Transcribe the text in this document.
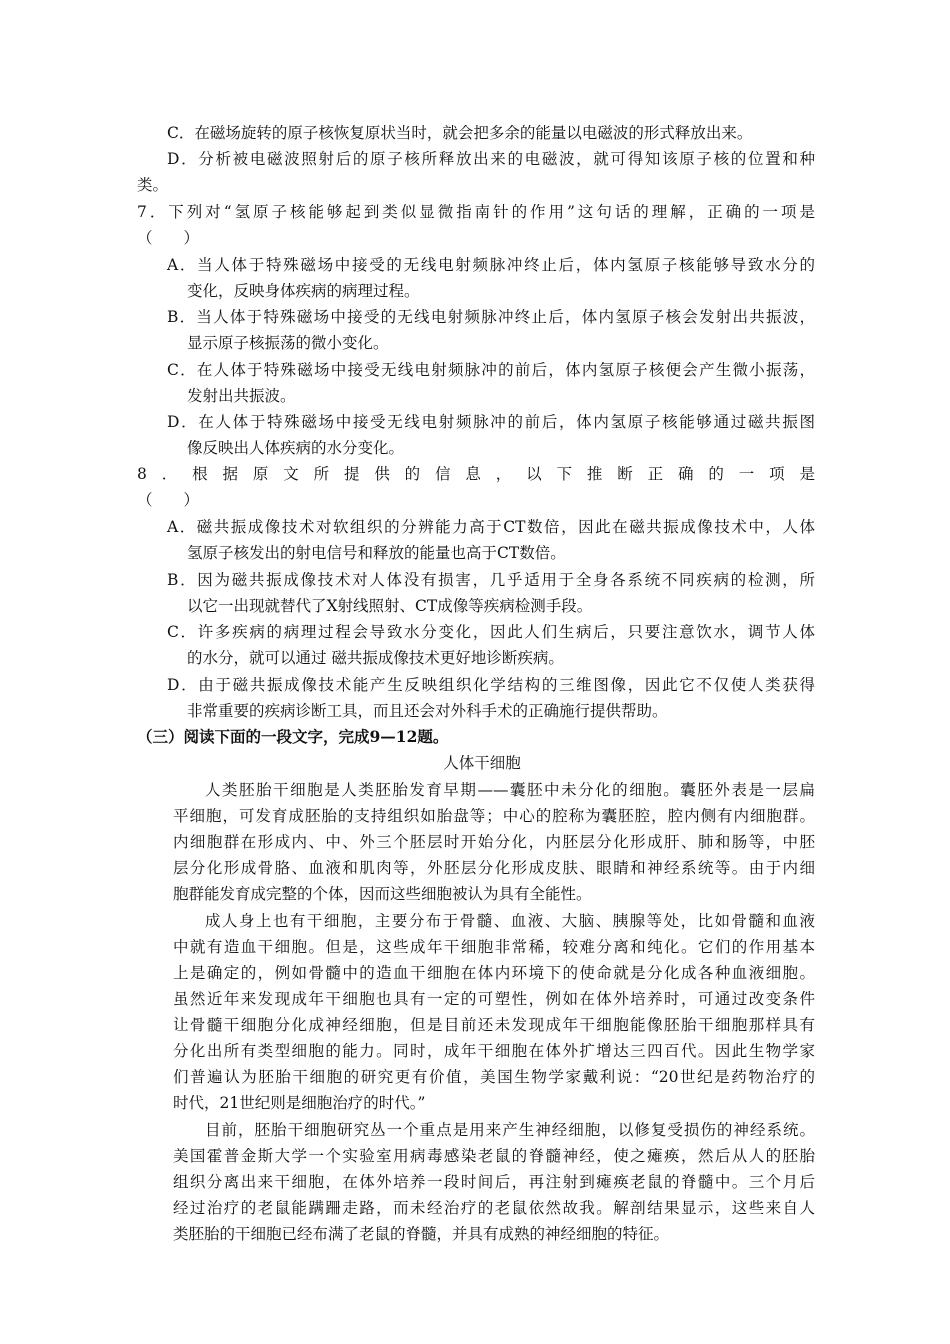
C．在磁场旋转的原子核恢复原状当时，就会把多余的能量以电磁波的形式释放出来。
D．分析被电磁波照射后的原子核所释放出来的电磁波，就可得知该原子核的位置和种
类。
7．下列对“氢原子核能够起到类似显微指南针的作用”这句话的理解，正确的一项是
（　　）
A．当人体于特殊磁场中接受的无线电射频脉冲终止后，体内氢原子核能够导致水分的
变化，反映身体疾病的病理过程。
B．当人体于特殊磁场中接受的无线电射频脉冲终止后，体内氢原子核会发射出共振波，
显示原子核振荡的微小变化。
C．在人体于特殊磁场中接受无线电射频脉冲的前后，体内氢原子核便会产生微小振荡，
发射出共振波。
D．在人体于特殊磁场中接受无线电射频脉冲的前后，体内氢原子核能够通过磁共振图
像反映出人体疾病的水分变化。
8．根据原文所提供的信息，以下推断正确的一项是
（　　）
A．磁共振成像技术对软组织的分辨能力高于CT数倍，因此在磁共振成像技术中，人体
氢原子核发出的射电信号和释放的能量也高于CT数倍。
B．因为磁共振成像技术对人体没有损害，几乎适用于全身各系统不同疾病的检测，所
以它一出现就替代了X射线照射、CT成像等疾病检测手段。
C．许多疾病的病理过程会导致水分变化，因此人们生病后，只要注意饮水，调节人体
的水分，就可以通过 磁共振成像技术更好地诊断疾病。
D．由于磁共振成像技术能产生反映组织化学结构的三维图像，因此它不仅使人类获得
非常重要的疾病诊断工具，而且还会对外科手术的正确施行提供帮助。
（三）阅读下面的一段文字，完成9—12题。
人体干细胞
人类胚胎干细胞是人类胚胎发育早期——囊胚中未分化的细胞。囊胚外表是一层扁
平细胞，可发育成胚胎的支持组织如胎盘等；中心的腔称为囊胚腔，腔内侧有内细胞群。
内细胞群在形成内、中、外三个胚层时开始分化，内胚层分化形成肝、肺和肠等，中胚
层分化形成骨胳、血液和肌肉等，外胚层分化形成皮肤、眼睛和神经系统等。由于内细
胞群能发育成完整的个体，因而这些细胞被认为具有全能性。
成人身上也有干细胞，主要分布于骨髓、血液、大脑、胰腺等处，比如骨髓和血液
中就有造血干细胞。但是，这些成年干细胞非常稀，较难分离和纯化。它们的作用基本
上是确定的，例如骨髓中的造血干细胞在体内环境下的使命就是分化成各种血液细胞。
虽然近年来发现成年干细胞也具有一定的可塑性，例如在体外培养时，可通过改变条件
让骨髓干细胞分化成神经细胞，但是目前还未发现成年干细胞能像胚胎干细胞那样具有
分化出所有类型细胞的能力。同时，成年干细胞在体外扩增达三四百代。因此生物学家
们普遍认为胚胎干细胞的研究更有价值，美国生物学家戴利说：“20世纪是药物治疗的
时代，21世纪则是细胞治疗的时代。”
目前，胚胎干细胞研究丛一个重点是用来产生神经细胞，以修复受损伤的神经系统。
美国霍普金斯大学一个实验室用病毒感染老鼠的脊髓神经，使之瘫痪，然后从人的胚胎
组织分离出来干细胞，在体外培养一段时间后，再注射到瘫痪老鼠的脊髓中。三个月后
经过治疗的老鼠能蹒跚走路，而未经治疗的老鼠依然故我。解剖结果显示，这些来自人
类胚胎的干细胞已经布满了老鼠的脊髓，并具有成熟的神经细胞的特征。
